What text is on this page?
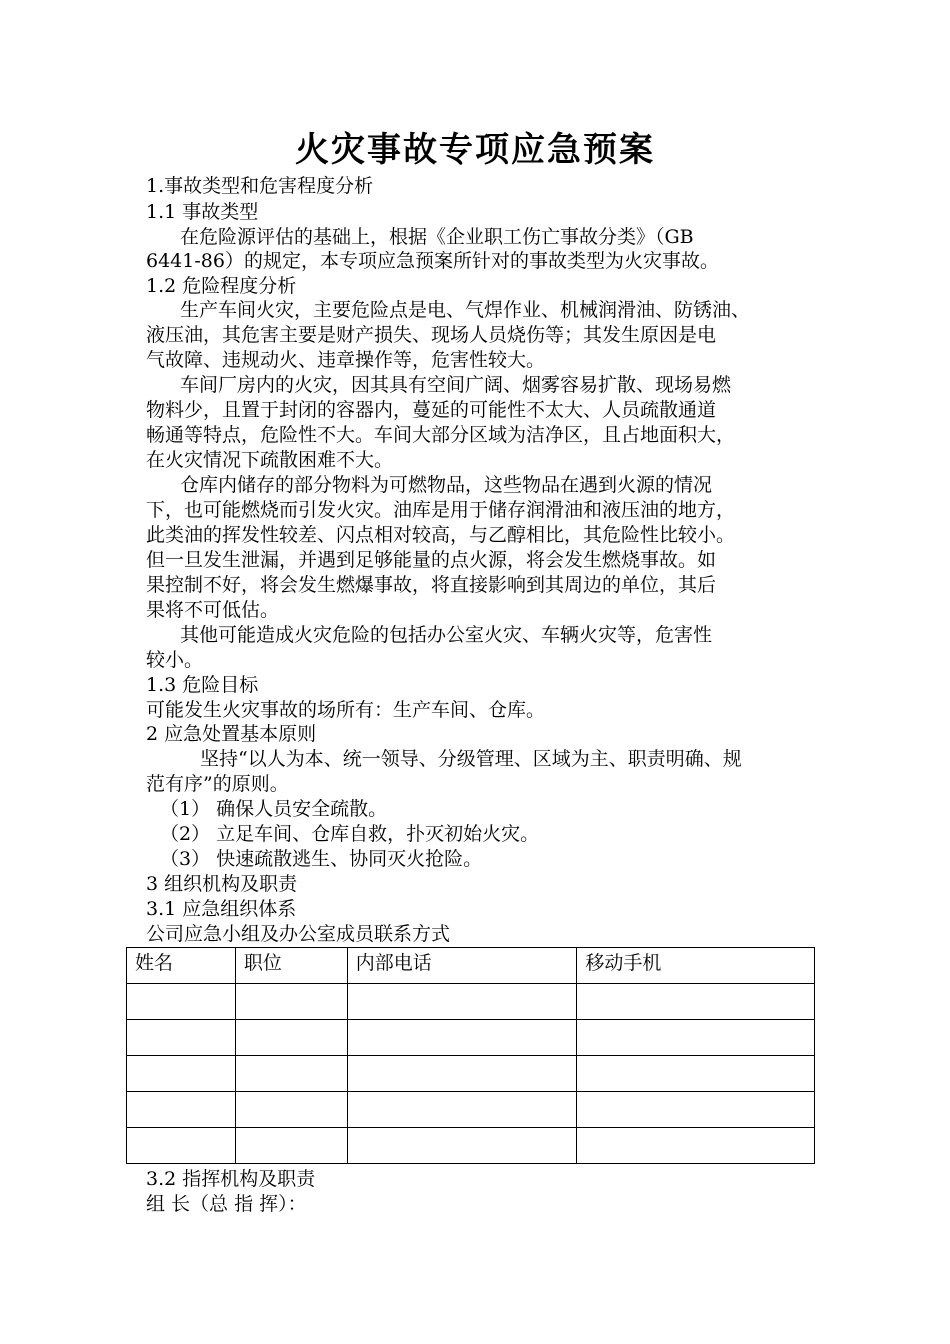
火灾事故专项应急预案
1.事故类型和危害程度分析
1.1 事故类型
在危险源评估的基础上，根据《企业职工伤亡事故分类》（GB
6441-86）的规定，本专项应急预案所针对的事故类型为火灾事故。
1.2 危险程度分析
生产车间火灾，主要危险点是电、气焊作业、机械润滑油、防锈油、
液压油，其危害主要是财产损失、现场人员烧伤等；其发生原因是电
气故障、违规动火、违章操作等，危害性较大。
车间厂房内的火灾，因其具有空间广阔、烟雾容易扩散、现场易燃
物料少，且置于封闭的容器内，蔓延的可能性不太大、人员疏散通道
畅通等特点，危险性不大。车间大部分区域为洁净区，且占地面积大，
在火灾情况下疏散困难不大。
仓库内储存的部分物料为可燃物品，这些物品在遇到火源的情况
下，也可能燃烧而引发火灾。油库是用于储存润滑油和液压油的地方，
此类油的挥发性较差、闪点相对较高，与乙醇相比，其危险性比较小。
但一旦发生泄漏，并遇到足够能量的点火源，将会发生燃烧事故。如
果控制不好，将会发生燃爆事故，将直接影响到其周边的单位，其后
果将不可低估。
其他可能造成火灾危险的包括办公室火灾、车辆火灾等，危害性
较小。
1.3 危险目标
可能发生火灾事故的场所有：生产车间、仓库。
2 应急处置基本原则
坚持“以人为本、统一领导、分级管理、区域为主、职责明确、规
范有序”的原则。
（1） 确保人员安全疏散。
（2） 立足车间、仓库自救，扑灭初始火灾。
（3） 快速疏散逃生、协同灭火抢险。
3 组织机构及职责
3.1 应急组织体系
公司应急小组及办公室成员联系方式
姓名	职位	内部电话	移动手机

3.2 指挥机构及职责
组 长（总 指 挥）：
